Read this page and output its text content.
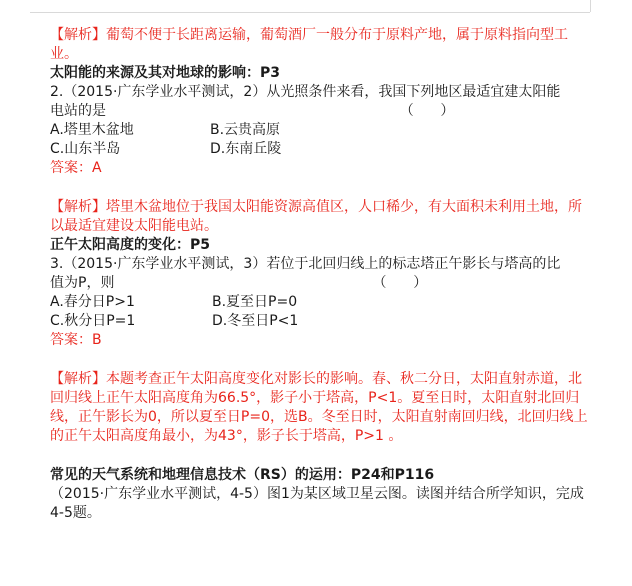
【解析】葡萄不便于长距离运输，葡萄酒厂一般分布于原料产地，属于原料指向型工业。

太阳能的来源及其对地球的影响：P3
2.（2015·广东学业水平测试，2）从光照条件来看，我国下列地区最适宜建太阳能
电站的是                                                                  （      ）
A.塔里木盆地	B.云贵高原
C.山东半岛	D.东南丘陵
答案：A

【解析】塔里木盆地位于我国太阳能资源高值区，人口稀少，有大面积未利用土地，所以最适宜建设太阳能电站。

正午太阳高度的变化：P5
3.（2015·广东学业水平测试，3）若位于北回归线上的标志塔正午影长与塔高的比
值为P，则                                                          （      ）
A.春分日P>1	B.夏至日P=0
C.秋分日P=1	D.冬至日P<1
答案：B

【解析】本题考查正午太阳高度变化对影长的影响。春、秋二分日，太阳直射赤道，北回归线上正午太阳高度角为66.5°，影子小于塔高，P<1。夏至日时，太阳直射北回归线，正午影长为0，所以夏至日P=0，选B。冬至日时，太阳直射南回归线，北回归线上的正午太阳高度角最小，为43°，影子长于塔高，P>1 。

常见的天气系统和地理信息技术（RS）的运用：P24和P116

（2015·广东学业水平测试，4-5）图1为某区域卫星云图。读图并结合所学知识，完成4-5题。
